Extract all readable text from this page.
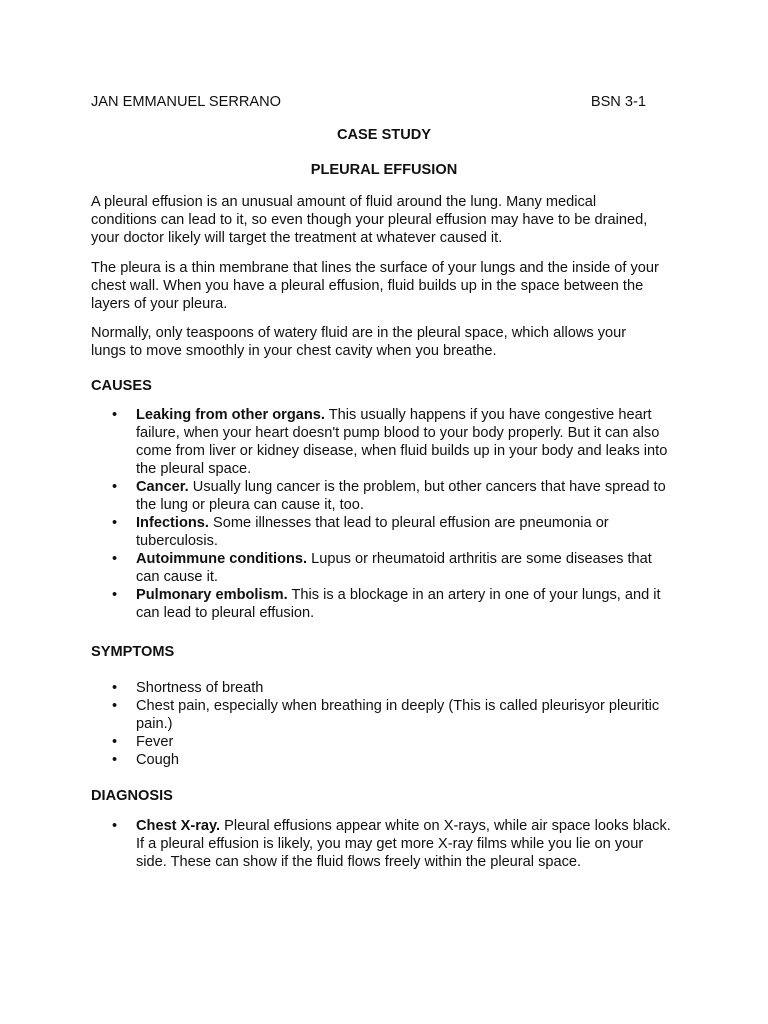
JAN EMMANUEL SERRANO	BSN 3-1
CASE STUDY
PLEURAL EFFUSION
A pleural effusion is an unusual amount of fluid around the lung. Many medical conditions can lead to it, so even though your pleural effusion may have to be drained, your doctor likely will target the treatment at whatever caused it.
The pleura is a thin membrane that lines the surface of your lungs and the inside of your chest wall. When you have a pleural effusion, fluid builds up in the space between the layers of your pleura.
Normally, only teaspoons of watery fluid are in the pleural space, which allows your lungs to move smoothly in your chest cavity when you breathe.
CAUSES
•	Leaking from other organs. This usually happens if you have congestive heart failure, when your heart doesn't pump blood to your body properly. But it can also come from liver or kidney disease, when fluid builds up in your body and leaks into the pleural space.
•	Cancer. Usually lung cancer is the problem, but other cancers that have spread to the lung or pleura can cause it, too.
•	Infections. Some illnesses that lead to pleural effusion are pneumonia or tuberculosis.
•	Autoimmune conditions. Lupus or rheumatoid arthritis are some diseases that can cause it.
•	Pulmonary embolism. This is a blockage in an artery in one of your lungs, and it can lead to pleural effusion.
SYMPTOMS
•	Shortness of breath
•	Chest pain, especially when breathing in deeply (This is called pleurisyor pleuritic pain.)
•	Fever
•	Cough
DIAGNOSIS
•	Chest X-ray. Pleural effusions appear white on X-rays, while air space looks black. If a pleural effusion is likely, you may get more X-ray films while you lie on your side. These can show if the fluid flows freely within the pleural space.
